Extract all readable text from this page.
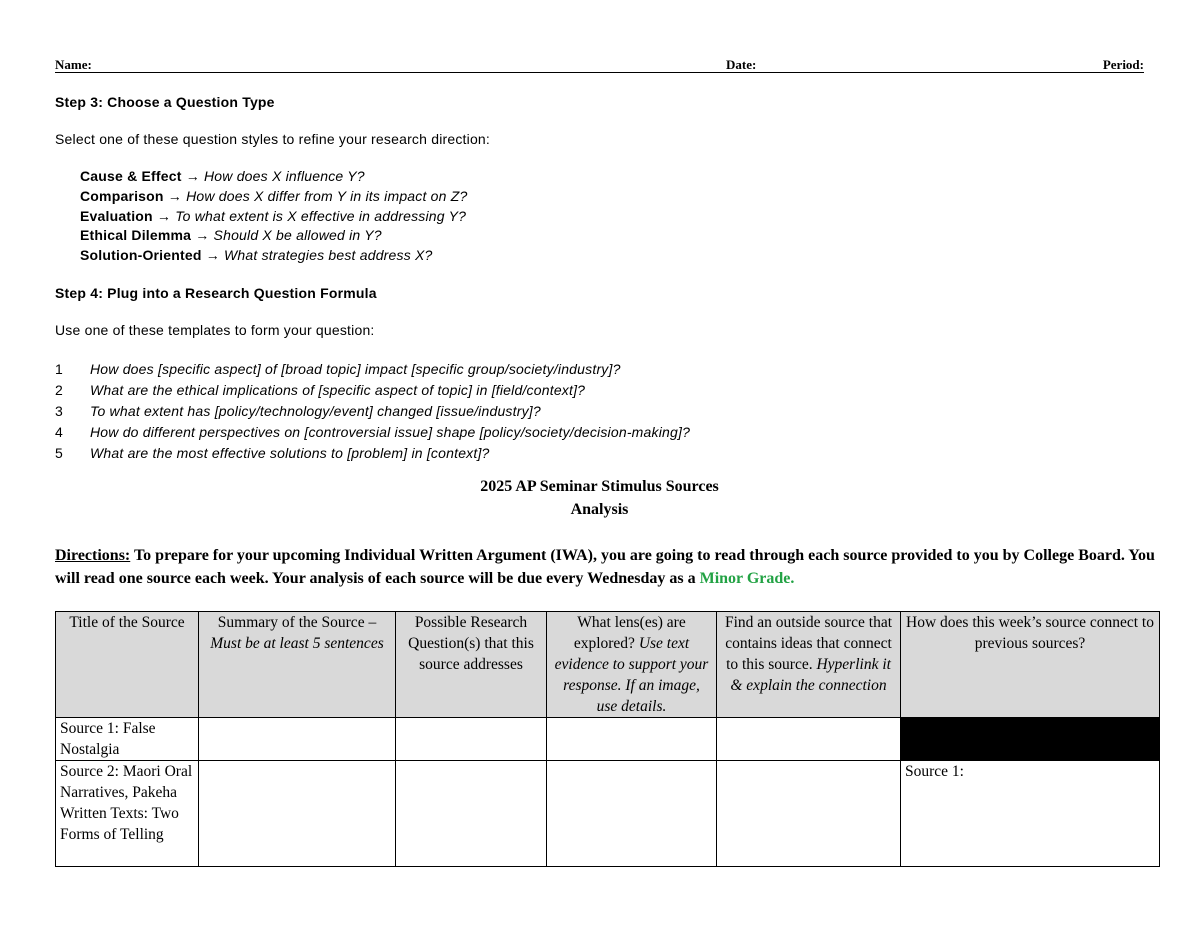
Name:	Date:	Period:
Step 3: Choose a Question Type
Select one of these question styles to refine your research direction:
Cause & Effect → How does X influence Y?
Comparison → How does X differ from Y in its impact on Z?
Evaluation → To what extent is X effective in addressing Y?
Ethical Dilemma → Should X be allowed in Y?
Solution-Oriented → What strategies best address X?
Step 4: Plug into a Research Question Formula
Use one of these templates to form your question:
1 How does [specific aspect] of [broad topic] impact [specific group/society/industry]?
2 What are the ethical implications of [specific aspect of topic] in [field/context]?
3 To what extent has [policy/technology/event] changed [issue/industry]?
4 How do different perspectives on [controversial issue] shape [policy/society/decision-making]?
5 What are the most effective solutions to [problem] in [context]?
2025 AP Seminar Stimulus Sources
Analysis
Directions: To prepare for your upcoming Individual Written Argument (IWA), you are going to read through each source provided to you by College Board. You will read one source each week. Your analysis of each source will be due every Wednesday as a Minor Grade.
Title of the Source	Summary of the Source – Must be at least 5 sentences	Possible Research Question(s) that this source addresses	What lens(es) are explored? Use text evidence to support your response. If an image, use details.	Find an outside source that contains ideas that connect to this source. Hyperlink it & explain the connection	How does this week’s source connect to previous sources?
Source 1: False Nostalgia					
Source 2: Maori Oral Narratives, Pakeha Written Texts: Two Forms of Telling					Source 1:
